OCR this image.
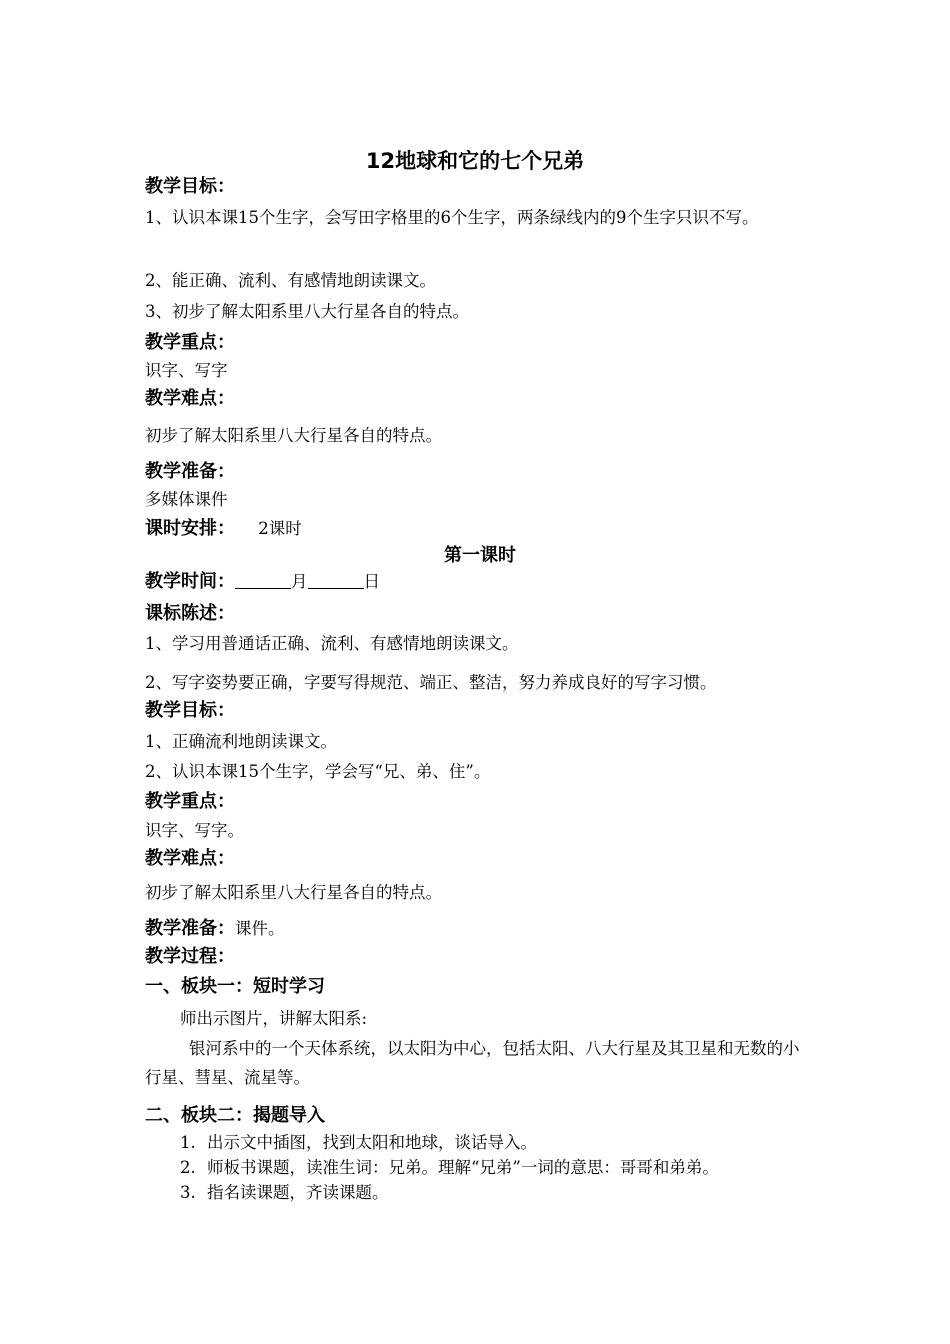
12地球和它的七个兄弟
教学目标：
1、认识本课15个生字，会写田字格里的6个生字，两条绿线内的9个生字只识不写。
2、能正确、流利、有感情地朗读课文。
3、初步了解太阳系里八大行星各自的特点。
教学重点：
识字、写字
教学难点：
初步了解太阳系里八大行星各自的特点。
教学准备：
多媒体课件
课时安排： 2课时
第一课时
教学时间：	月	日
课标陈述：
1、学习用普通话正确、流利、有感情地朗读课文。
2、写字姿势要正确，字要写得规范、端正、整洁，努力养成良好的写字习惯。
教学目标：
1、正确流利地朗读课文。
2、认识本课15个生字，学会写“兄、弟、住”。
教学重点：
识字、写字。
教学难点：
初步了解太阳系里八大行星各自的特点。
教学准备：课件。
教学过程：
一、板块一：短时学习
师出示图片，讲解太阳系:
银河系中的一个天体系统，以太阳为中心，包括太阳、八大行星及其卫星和无数的小行星、彗星、流星等。
二、板块二：揭题导入
1. 出示文中插图，找到太阳和地球，谈话导入。
2. 师板书课题，读准生词：兄弟。理解“兄弟”一词的意思：哥哥和弟弟。
3. 指名读课题，齐读课题。
